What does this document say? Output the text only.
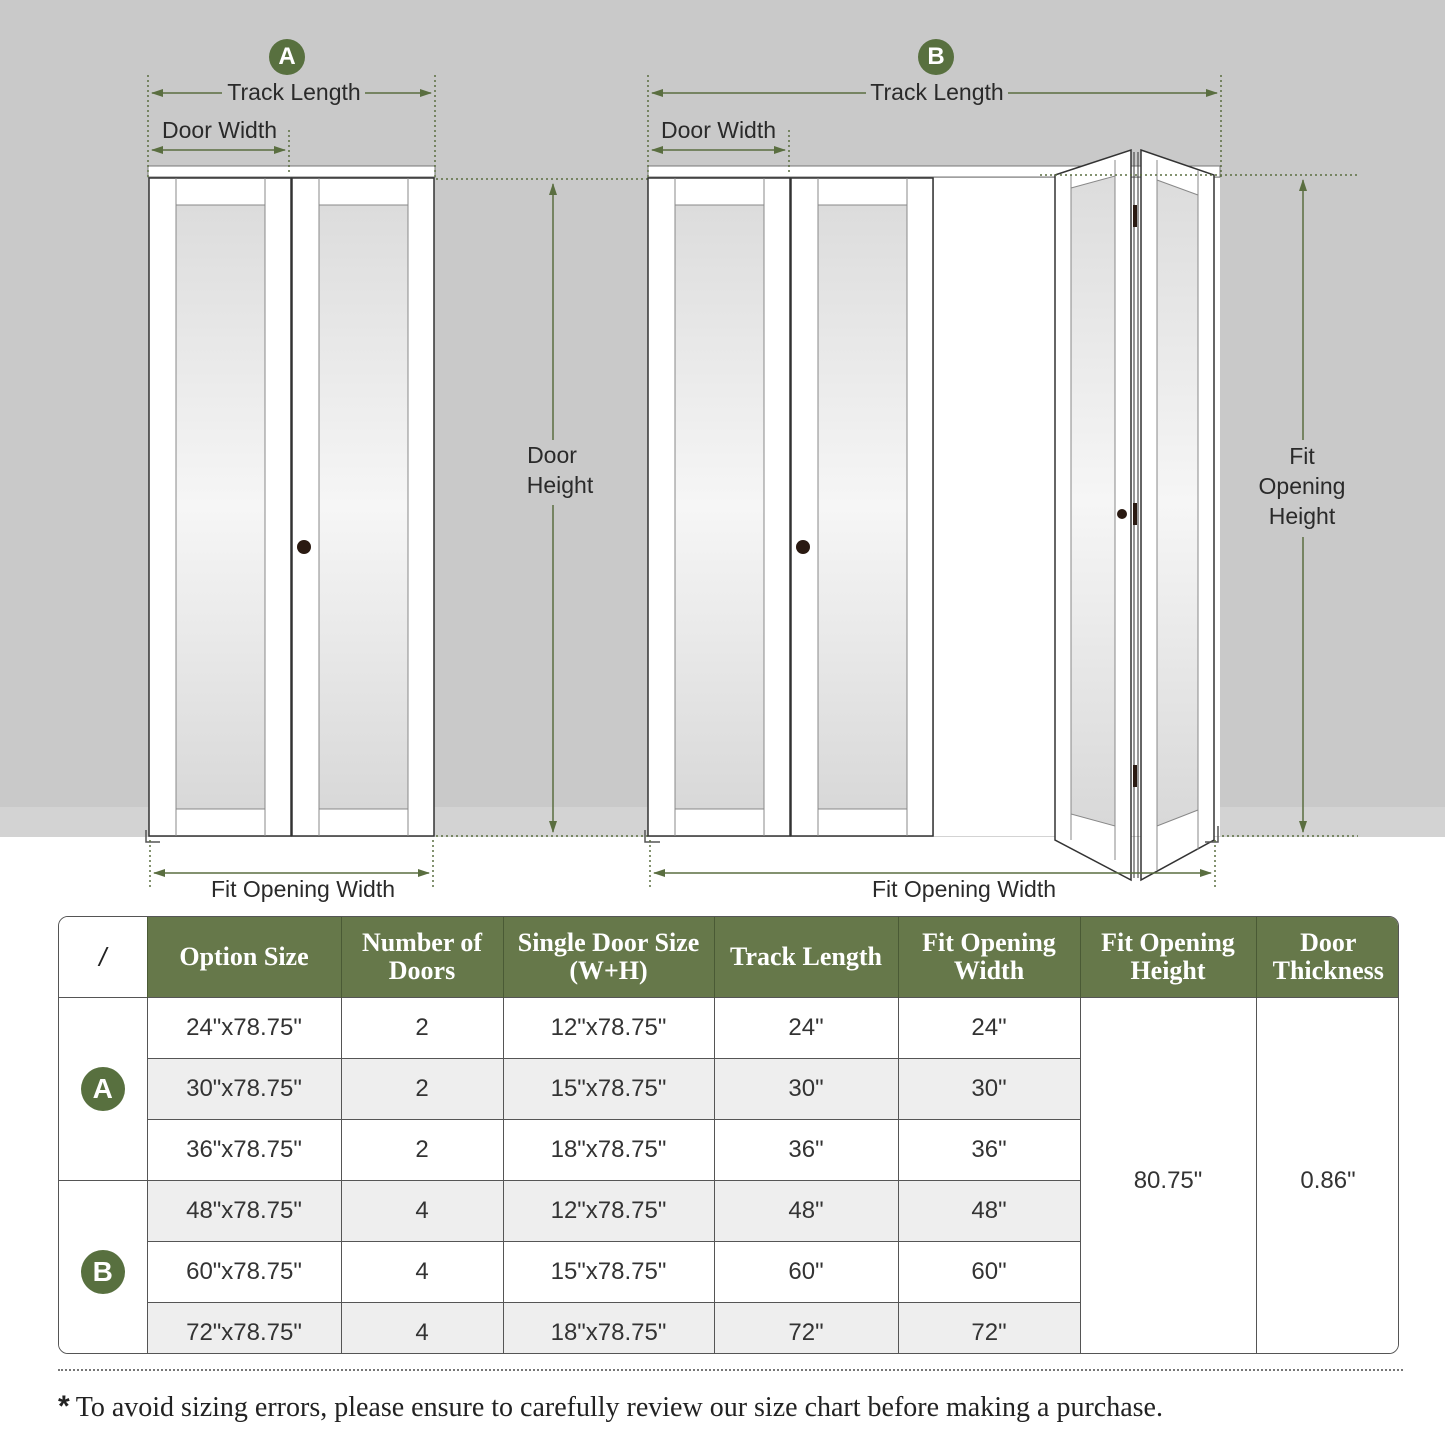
A
Track Length
Door Width
Door
Height
Fit Opening Width
B
Track Length
Door Width
Fit
Opening
Height
Fit Opening Width
/	Option Size	Number of Doors	Single Door Size (W+H)	Track Length	Fit Opening Width	Fit Opening Height	Door Thickness

A	24"x78.75"	2	12"x78.75"	24"	24"	80.75"	0.86"
	30"x78.75"	2	15"x78.75"	30"	30"		
	36"x78.75"	2	18"x78.75"	36"	36"		

B	48"x78.75"	4	12"x78.75"	48"	48"		
	60"x78.75"	4	15"x78.75"	60"	60"		
	72"x78.75"	4	18"x78.75"	72"	72"		
* To avoid sizing errors, please ensure to carefully review our size chart before making a purchase.
